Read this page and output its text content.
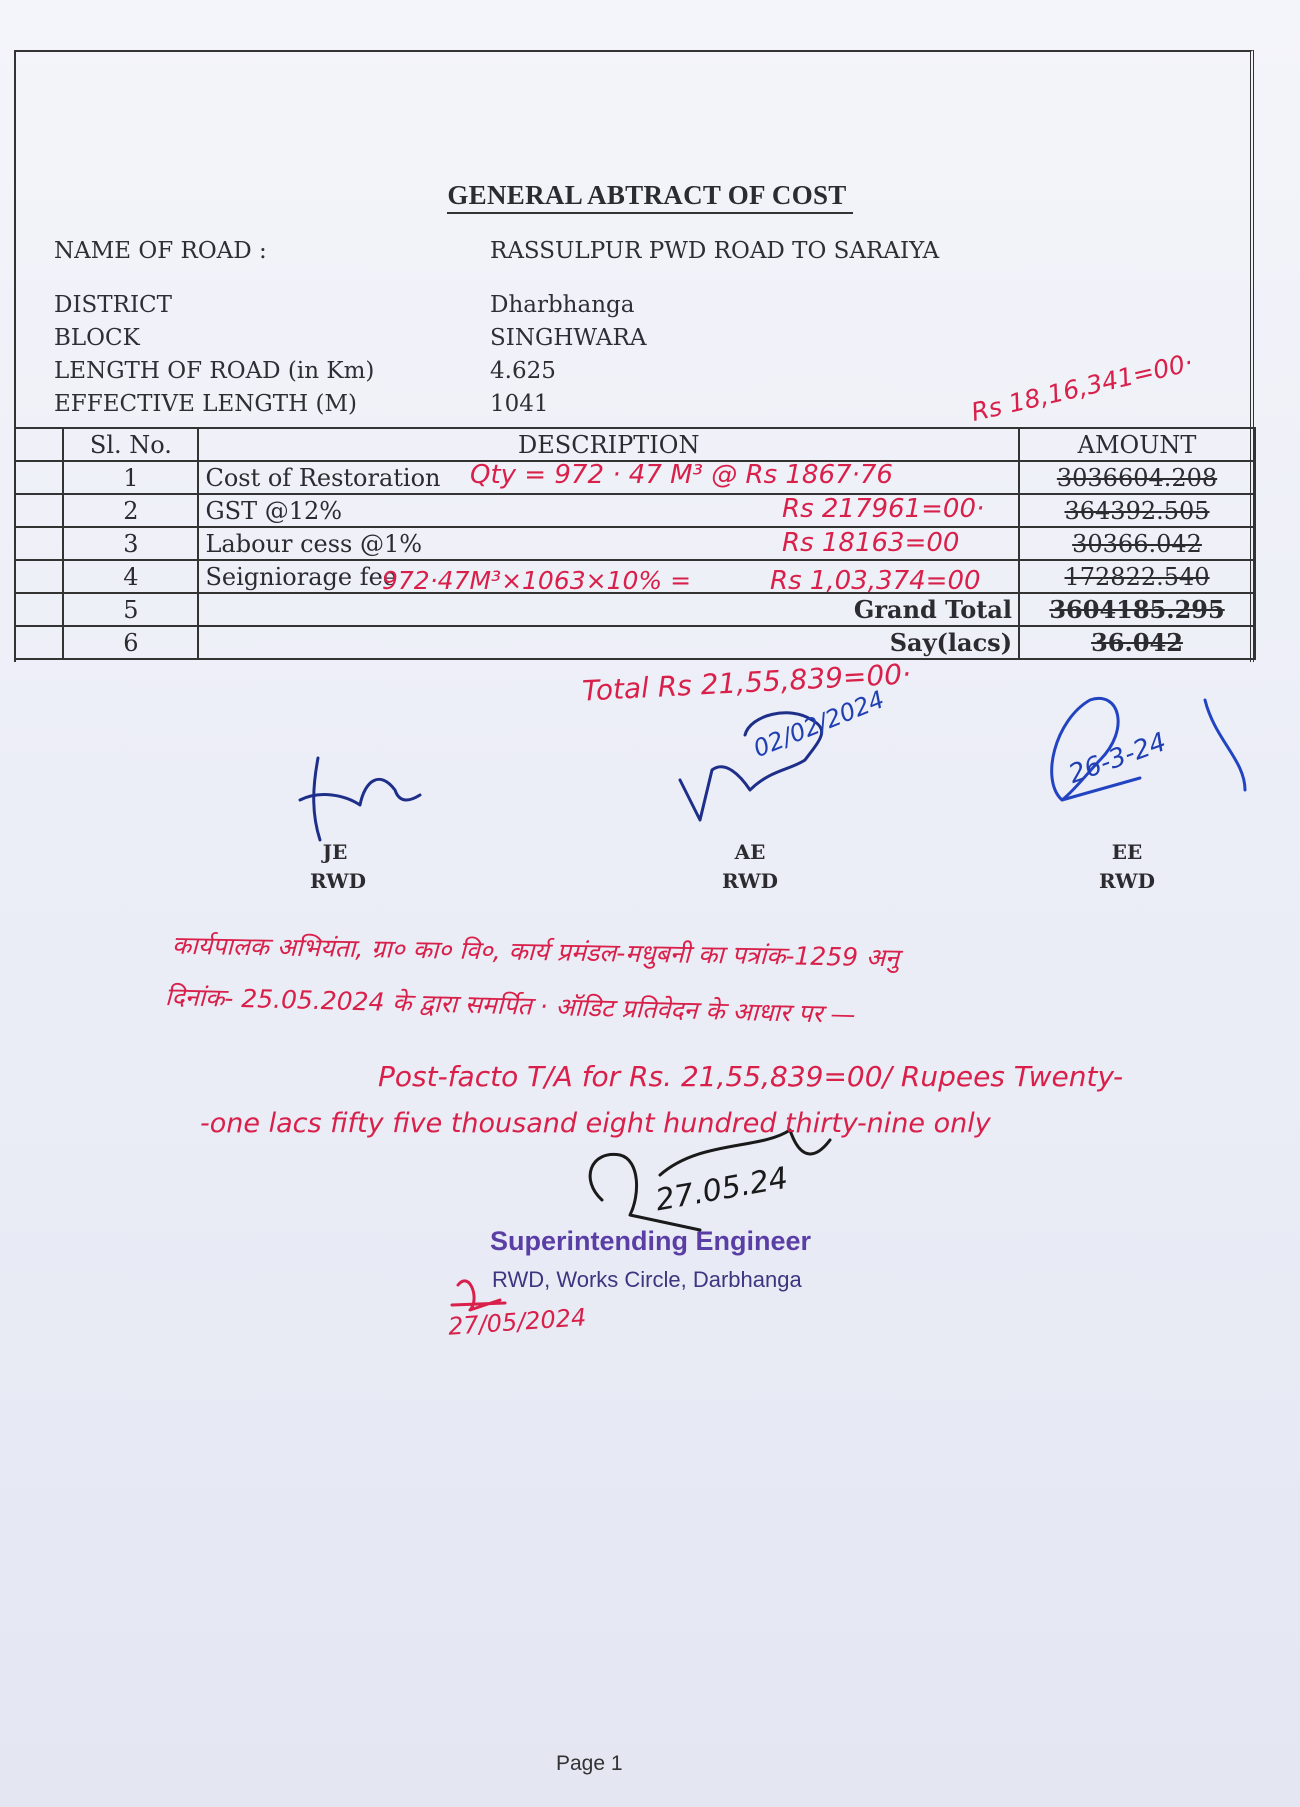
GENERAL ABTRACT OF COST
NAME OF ROAD :	RASSULPUR PWD ROAD TO SARAIYA
DISTRICT	Dharbhanga
BLOCK	SINGHWARA
LENGTH OF ROAD (in Km)	4.625
EFFECTIVE LENGTH (M)	1041
	Sl. No.	DESCRIPTION	AMOUNT
	1	Cost of Restoration	3036604.208
	2	GST @12%	364392.505
	3	Labour cess @1%	30366.042
	4	Seigniorage fee	172822.540
	5	Grand Total	3604185.295
	6	Say(lacs)	36.042
Qty = 972 · 47 M³ @ Rs 1867·76
Rs 18,16,341=00·
Rs 217961=00·
Rs 18163=00
972·47M³×1063×10% =	Rs 1,03,374=00
Total Rs 21,55,839=00·
02/02/2024	26-3-24
JE
RWD
AE
RWD
EE
RWD
कार्यपालक अभियंता, ग्रा० का० वि०, कार्य प्रमंडल-मधुबनी का पत्रांक-1259 अनु
दिनांक- 25.05.2024 के द्वारा समर्पित · ऑडिट प्रतिवेदन के आधार पर —
Post-facto T/A for Rs. 21,55,839=00/ Rupees Twenty-
-one lacs fifty five thousand eight hundred thirty-nine only
27.05.24
Superintending Engineer
RWD, Works Circle, Darbhanga
27/05/2024
Page 1
